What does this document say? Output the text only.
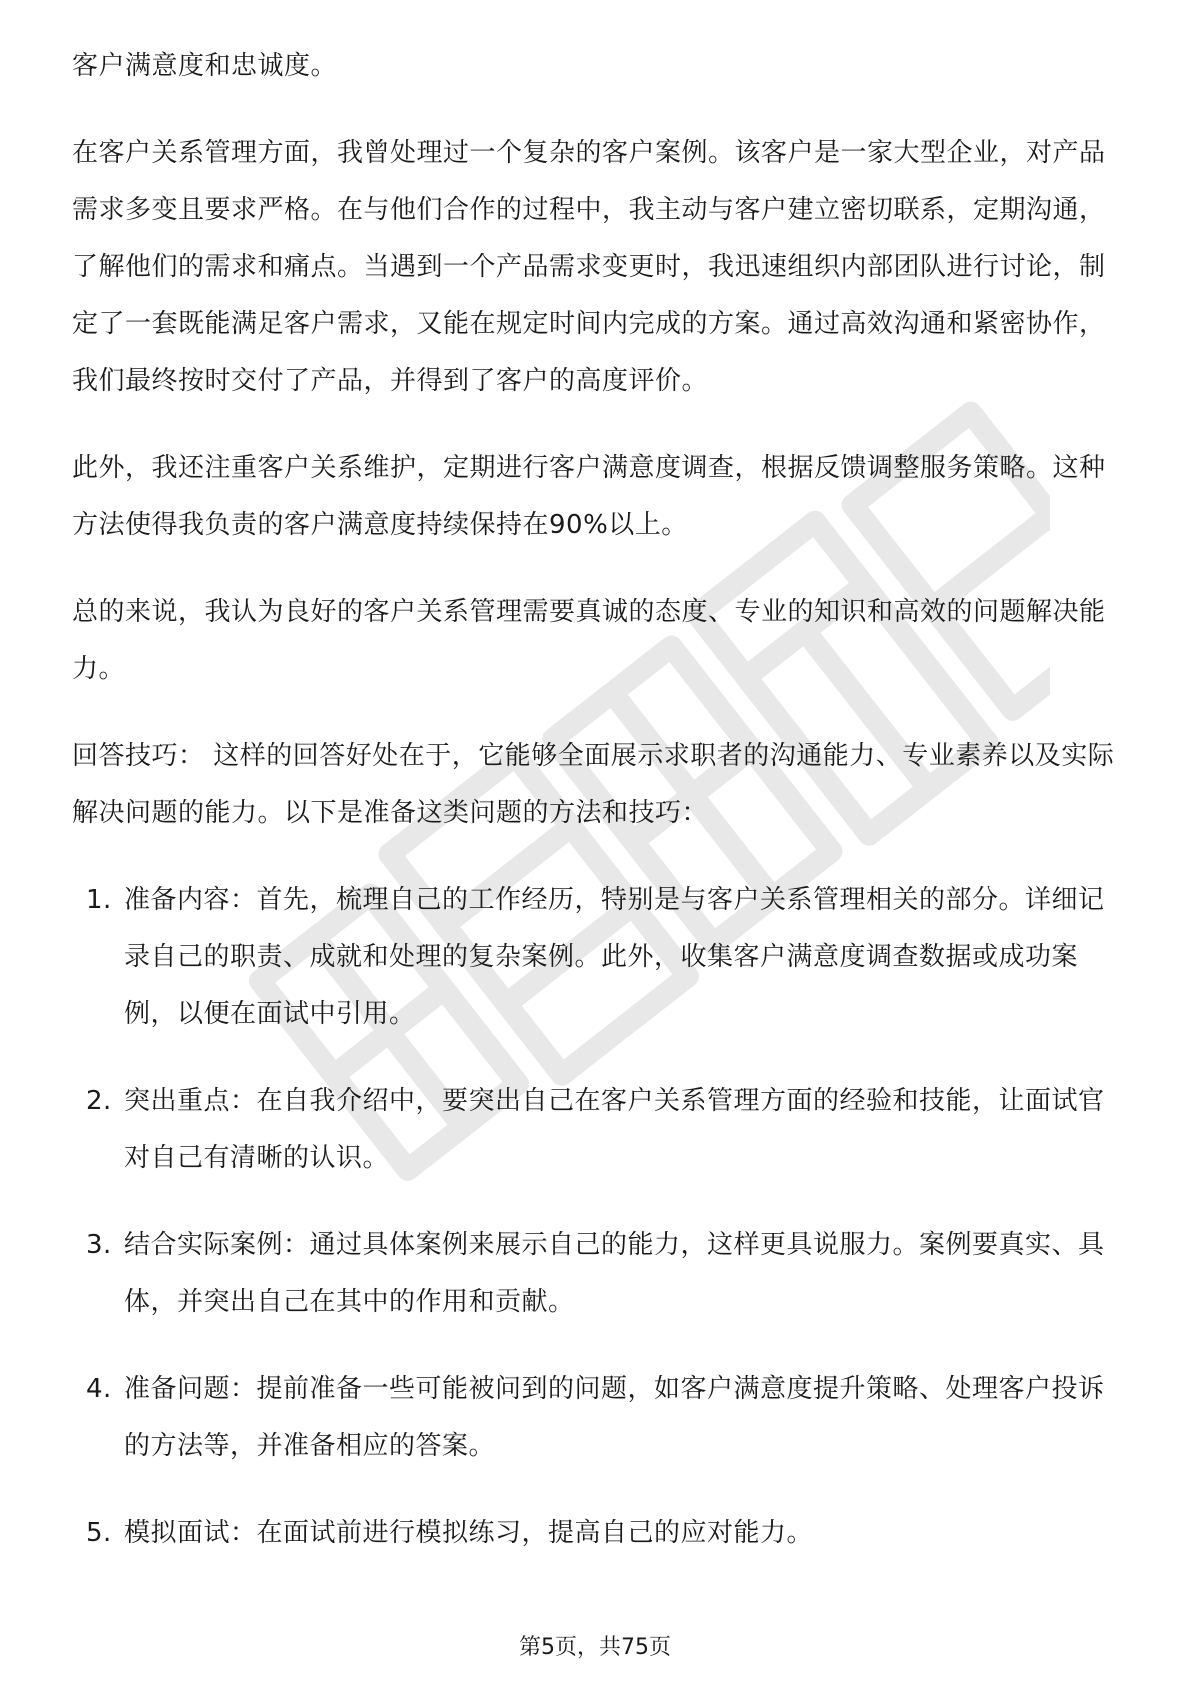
客户满意度和忠诚度。

在客户关系管理方面，我曾处理过一个复杂的客户案例。该客户是一家大型企业，对产品需求多变且要求严格。在与他们合作的过程中，我主动与客户建立密切联系，定期沟通，了解他们的需求和痛点。当遇到一个产品需求变更时，我迅速组织内部团队进行讨论，制定了一套既能满足客户需求，又能在规定时间内完成的方案。通过高效沟通和紧密协作，我们最终按时交付了产品，并得到了客户的高度评价。

此外，我还注重客户关系维护，定期进行客户满意度调查，根据反馈调整服务策略。这种方法使得我负责的客户满意度持续保持在90%以上。

总的来说，我认为良好的客户关系管理需要真诚的态度、专业的知识和高效的问题解决能力。

回答技巧： 这样的回答好处在于，它能够全面展示求职者的沟通能力、专业素养以及实际解决问题的能力。以下是准备这类问题的方法和技巧：

1. 准备内容：首先，梳理自己的工作经历，特别是与客户关系管理相关的部分。详细记录自己的职责、成就和处理的复杂案例。此外，收集客户满意度调查数据或成功案例，以便在面试中引用。
2. 突出重点：在自我介绍中，要突出自己在客户关系管理方面的经验和技能，让面试官对自己有清晰的认识。
3. 结合实际案例：通过具体案例来展示自己的能力，这样更具说服力。案例要真实、具体，并突出自己在其中的作用和贡献。
4. 准备问题：提前准备一些可能被问到的问题，如客户满意度提升策略、处理客户投诉的方法等，并准备相应的答案。
5. 模拟面试：在面试前进行模拟练习，提高自己的应对能力。
第5页，共75页
